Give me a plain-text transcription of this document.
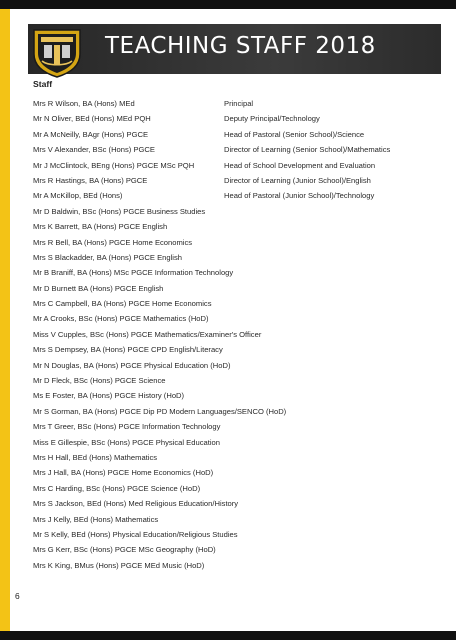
TEACHING STAFF 2018
Staff
Mrs R Wilson, BA (Hons) MEd	Principal
Mr N Oliver, BEd (Hons) MEd PQH	Deputy Principal/Technology
Mr A McNeilly, BAgr (Hons) PGCE	Head of Pastoral (Senior School)/Science
Mrs V Alexander, BSc (Hons) PGCE	Director of Learning (Senior School)/Mathematics
Mr J McClintock, BEng (Hons) PGCE MSc PQH	Head of School Development and Evaluation
Mrs R Hastings, BA (Hons) PGCE	Director of Learning (Junior School)/English
Mr A McKillop, BEd (Hons)	Head of Pastoral (Junior School)/Technology
Mr D Baldwin, BSc (Hons) PGCE Business Studies
Mrs K Barrett, BA (Hons) PGCE English
Mrs R Bell, BA (Hons) PGCE Home Economics
Mrs S Blackadder, BA (Hons) PGCE English
Mr B Braniff, BA (Hons) MSc PGCE Information Technology
Mr D Burnett BA (Hons) PGCE English
Mrs C Campbell, BA (Hons) PGCE Home Economics
Mr A Crooks, BSc (Hons) PGCE Mathematics (HoD)
Miss V Cupples, BSc (Hons) PGCE Mathematics/Examiner's Officer
Mrs S Dempsey, BA (Hons) PGCE CPD English/Literacy
Mr N Douglas, BA (Hons) PGCE Physical Education (HoD)
Mr D Fleck, BSc (Hons) PGCE Science
Ms E Foster, BA (Hons) PGCE History (HoD)
Mr S Gorman, BA (Hons) PGCE Dip PD Modern Languages/SENCO (HoD)
Mrs T Greer, BSc (Hons) PGCE Information Technology
Miss E Gillespie, BSc (Hons) PGCE Physical Education
Mrs H Hall, BEd (Hons) Mathematics
Mrs J Hall, BA (Hons) PGCE Home Economics (HoD)
Mrs C Harding, BSc (Hons) PGCE Science (HoD)
Mrs S Jackson, BEd (Hons) Med Religious Education/History
Mrs J Kelly, BEd (Hons) Mathematics
Mr S Kelly, BEd (Hons) Physical Education/Religious Studies
Mrs G Kerr, BSc (Hons) PGCE MSc Geography (HoD)
Mrs K King, BMus (Hons) PGCE MEd Music (HoD)
6
